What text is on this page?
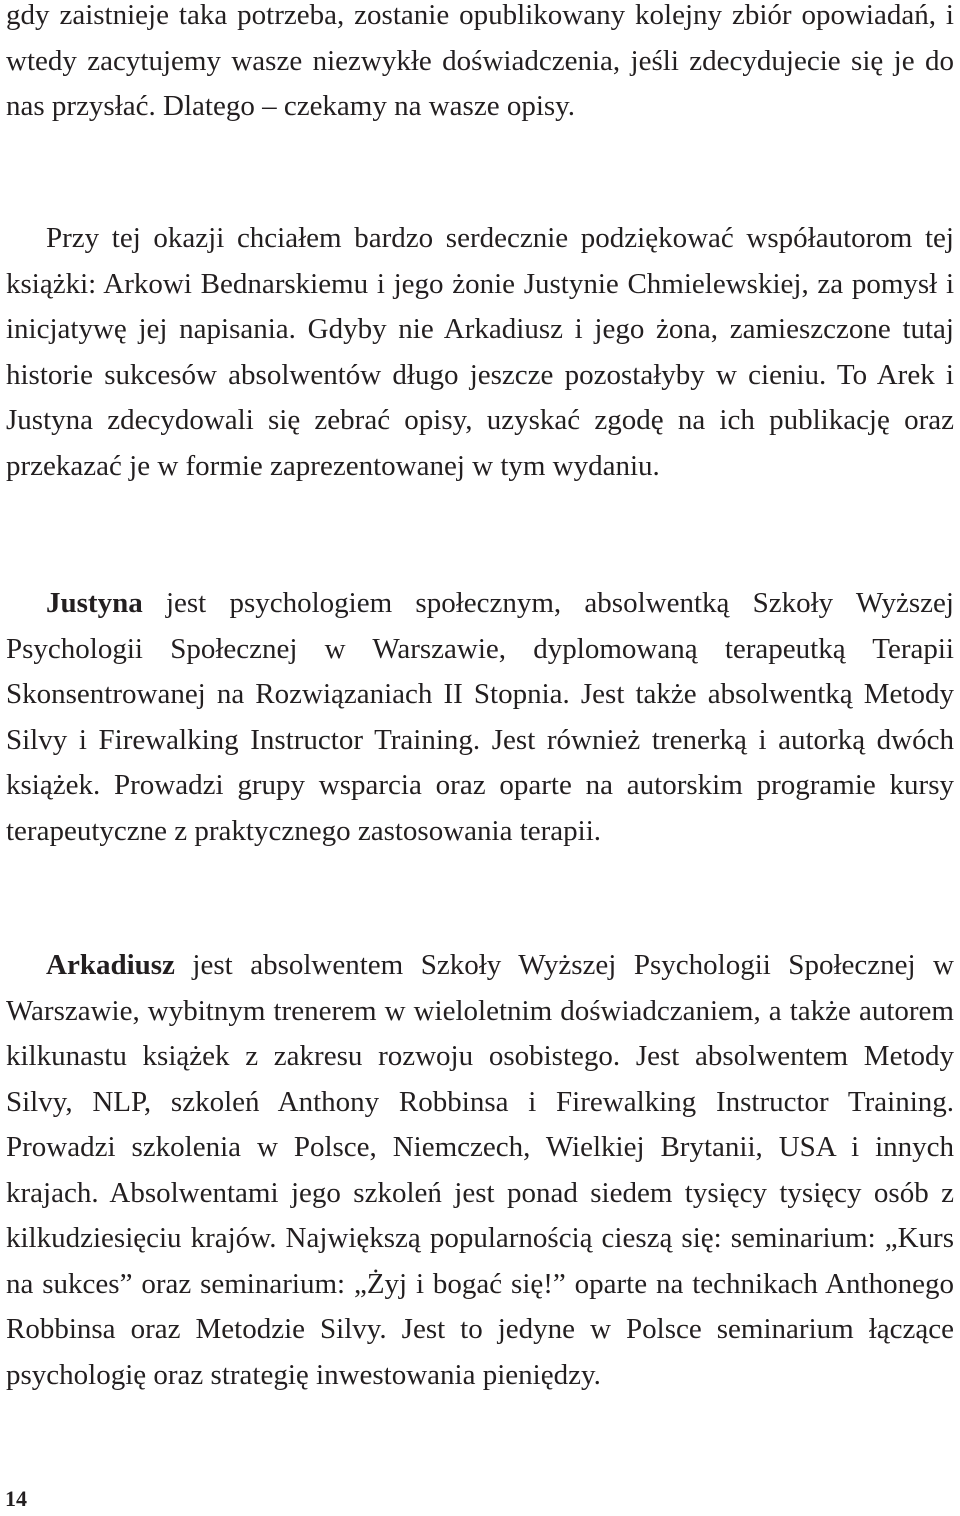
gdy zaistnieje taka potrzeba, zostanie opublikowany kolejny zbiór opowiadań, i wtedy zacytujemy wasze niezwykłe doświadczenia, jeśli zdecydujecie się je do nas przysłać. Dlatego – czekamy na wasze opisy.

Przy tej okazji chciałem bardzo serdecznie podziękować współautorom tej książki: Arkowi Bednarskiemu i jego żonie Justynie Chmielewskiej, za pomysł i inicjatywę jej napisania. Gdyby nie Arkadiusz i jego żona, zamieszczone tutaj historie sukcesów absolwentów długo jeszcze pozostałyby w cieniu. To Arek i Justyna zdecydowali się zebrać opisy, uzyskać zgodę na ich publikację oraz przekazać je w formie zaprezentowanej w tym wydaniu.

Justyna jest psychologiem społecznym, absolwentką Szkoły Wyższej Psychologii Społecznej w Warszawie, dyplomowaną terapeutką Terapii Skonsentrowanej na Rozwiązaniach II Stopnia. Jest także absolwentką Metody Silvy i Firewalking Instructor Training. Jest również trenerką i autorką dwóch książek. Prowadzi grupy wsparcia oraz oparte na autorskim programie kursy terapeutyczne z praktycznego zastosowania terapii.

Arkadiusz jest absolwentem Szkoły Wyższej Psychologii Społecznej w Warszawie, wybitnym trenerem w wieloletnim doświadczaniem, a także autorem kilkunastu książek z zakresu rozwoju osobistego. Jest absolwentem Metody Silvy, NLP, szkoleń Anthony Robbinsa i Firewalking Instructor Training. Prowadzi szkolenia w Polsce, Niemczech, Wielkiej Brytanii, USA i innych krajach. Absolwentami jego szkoleń jest ponad siedem tysięcy tysięcy osób z kilkudziesięciu krajów. Największą popularnością cieszą się: seminarium: „Kurs na sukces” oraz seminarium: „Żyj i bogać się!” oparte na technikach Anthonego Robbinsa oraz Metodzie Silvy. Jest to jedyne w Polsce seminarium łączące psychologię oraz strategię inwestowania pieniędzy.

14
